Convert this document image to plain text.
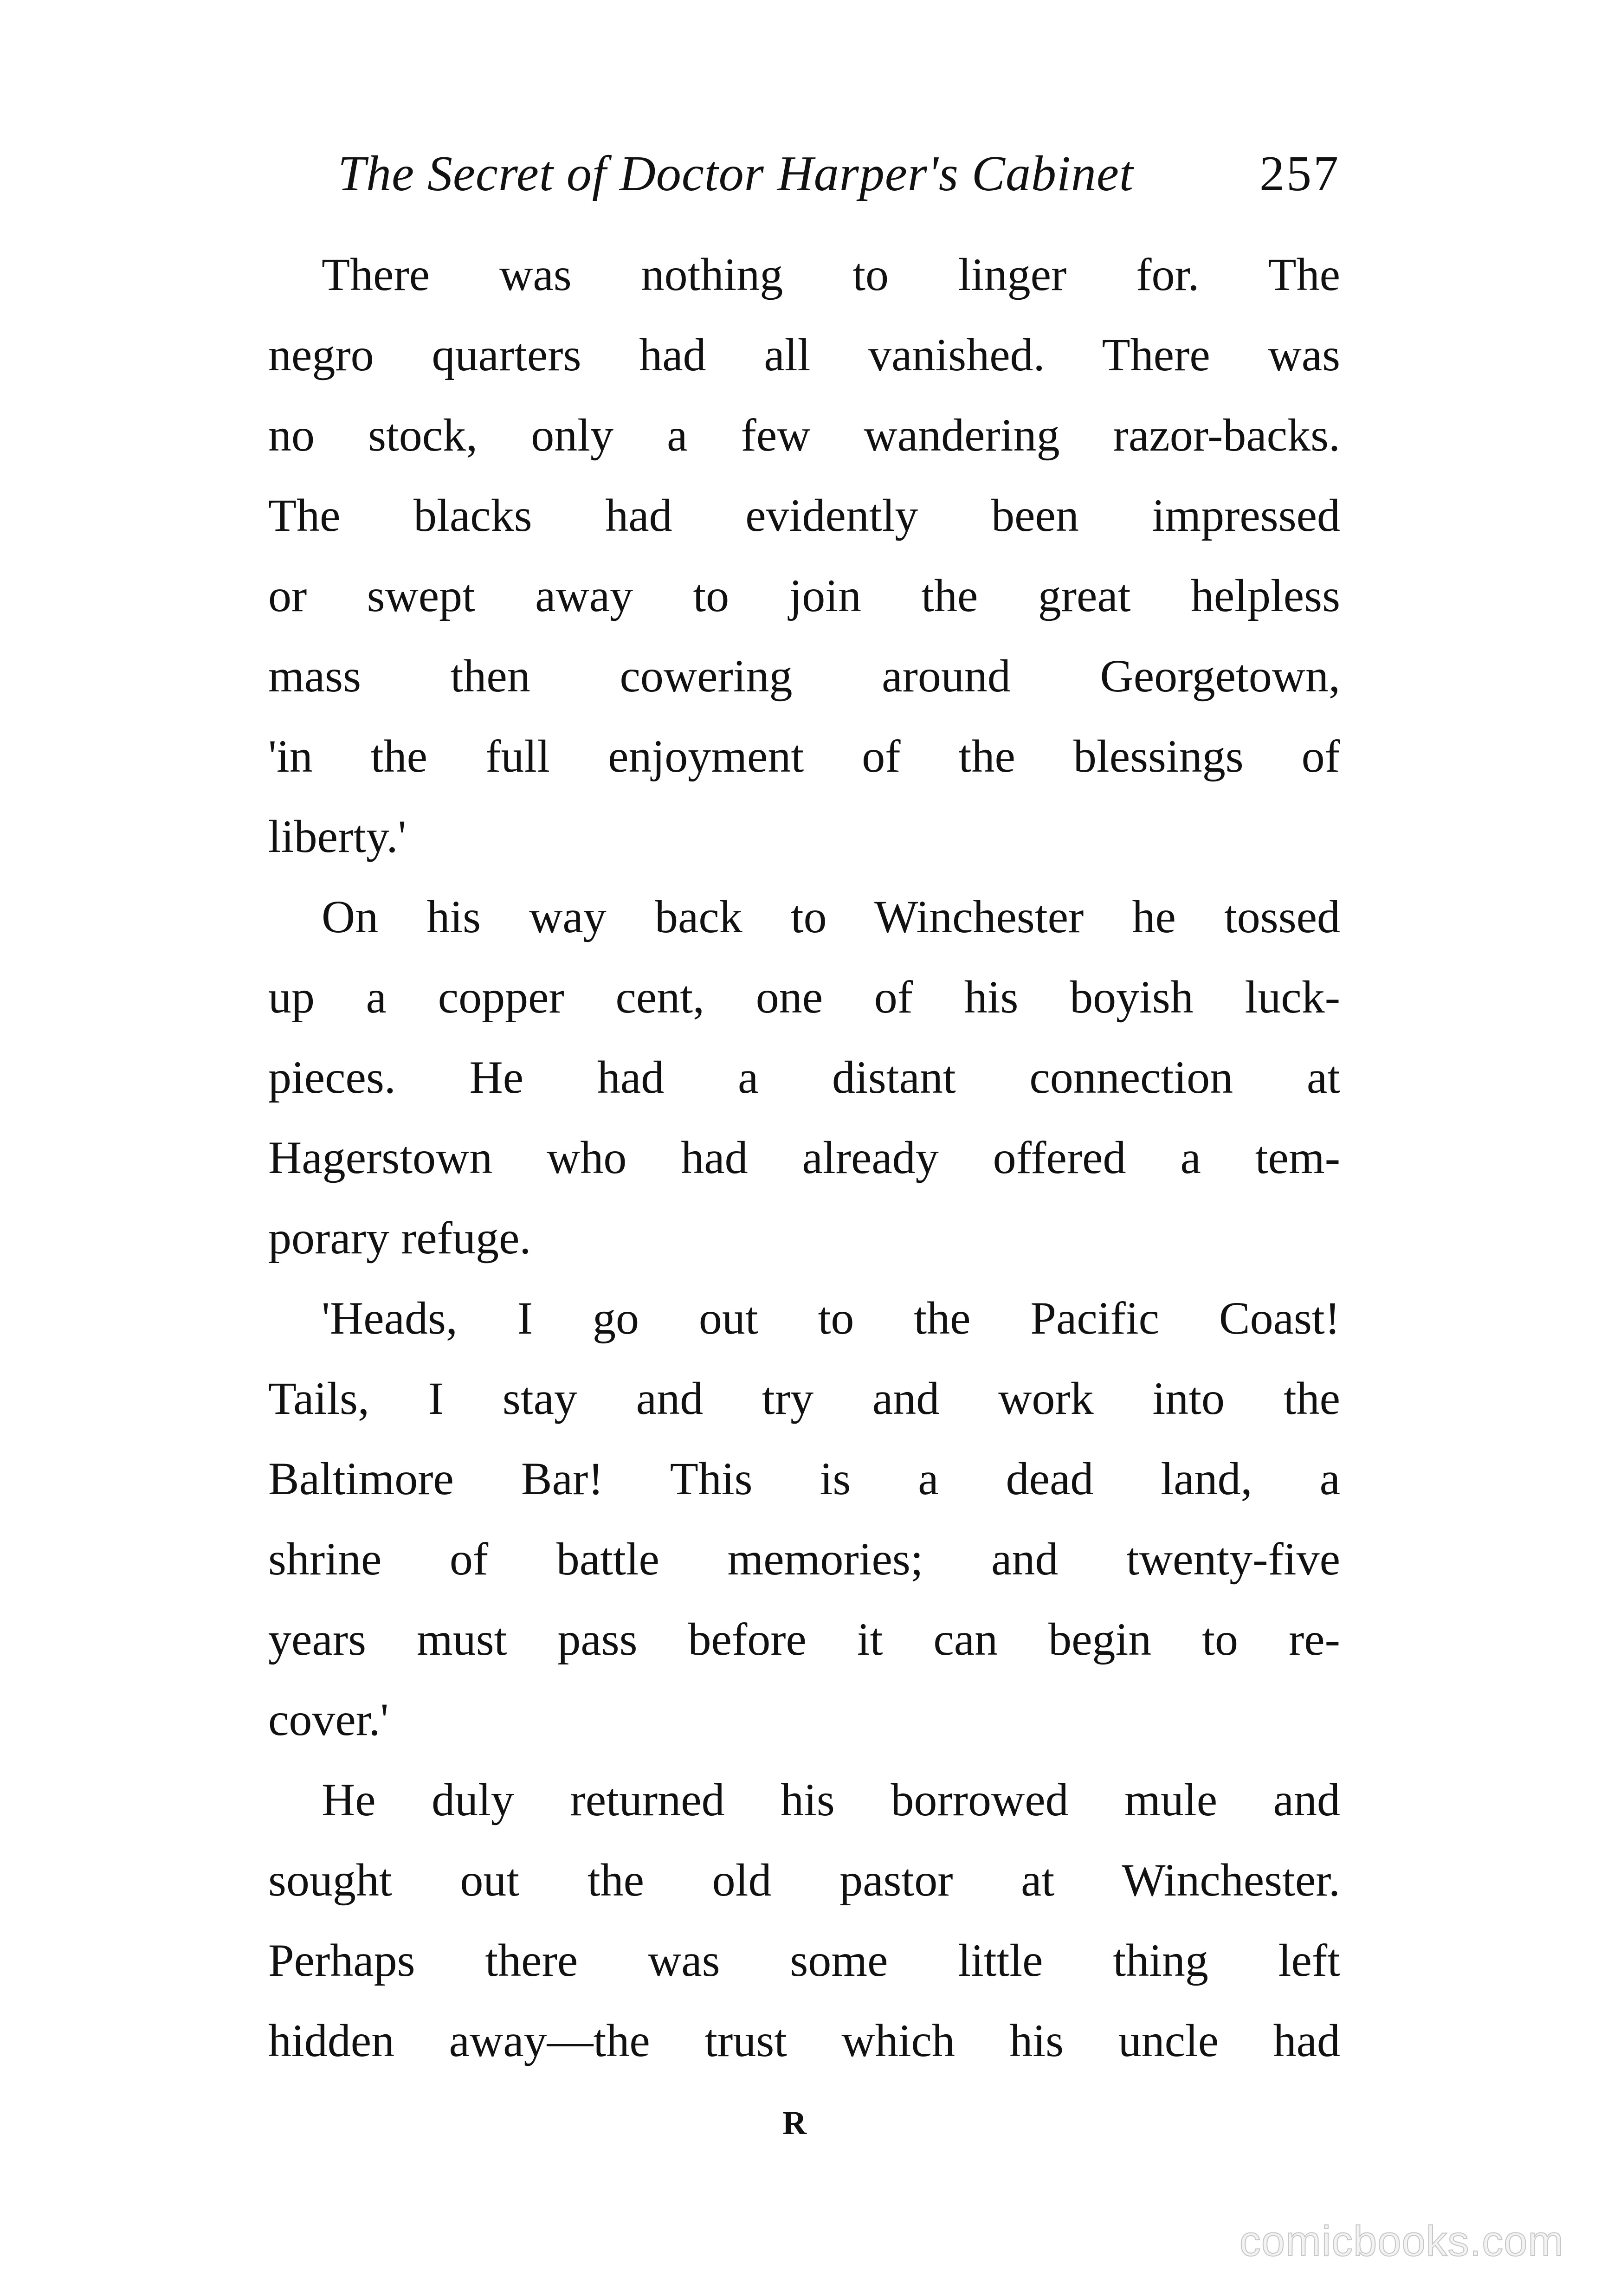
The Secret of Doctor Harper's Cabinet	257
There was nothing to linger for. The
negro quarters had all vanished. There was
no stock, only a few wandering razor-backs.
The blacks had evidently been impressed
or swept away to join the great helpless
mass then cowering around Georgetown,
'in the full enjoyment of the blessings of
liberty.'
On his way back to Winchester he tossed
up a copper cent, one of his boyish luck-
pieces. He had a distant connection at
Hagerstown who had already offered a tem-
porary refuge.
'Heads, I go out to the Pacific Coast!
Tails, I stay and try and work into the
Baltimore Bar! This is a dead land, a
shrine of battle memories; and twenty-five
years must pass before it can begin to re-
cover.'
He duly returned his borrowed mule and
sought out the old pastor at Winchester.
Perhaps there was some little thing left
hidden away—the trust which his uncle had
R
comicbooks.com
